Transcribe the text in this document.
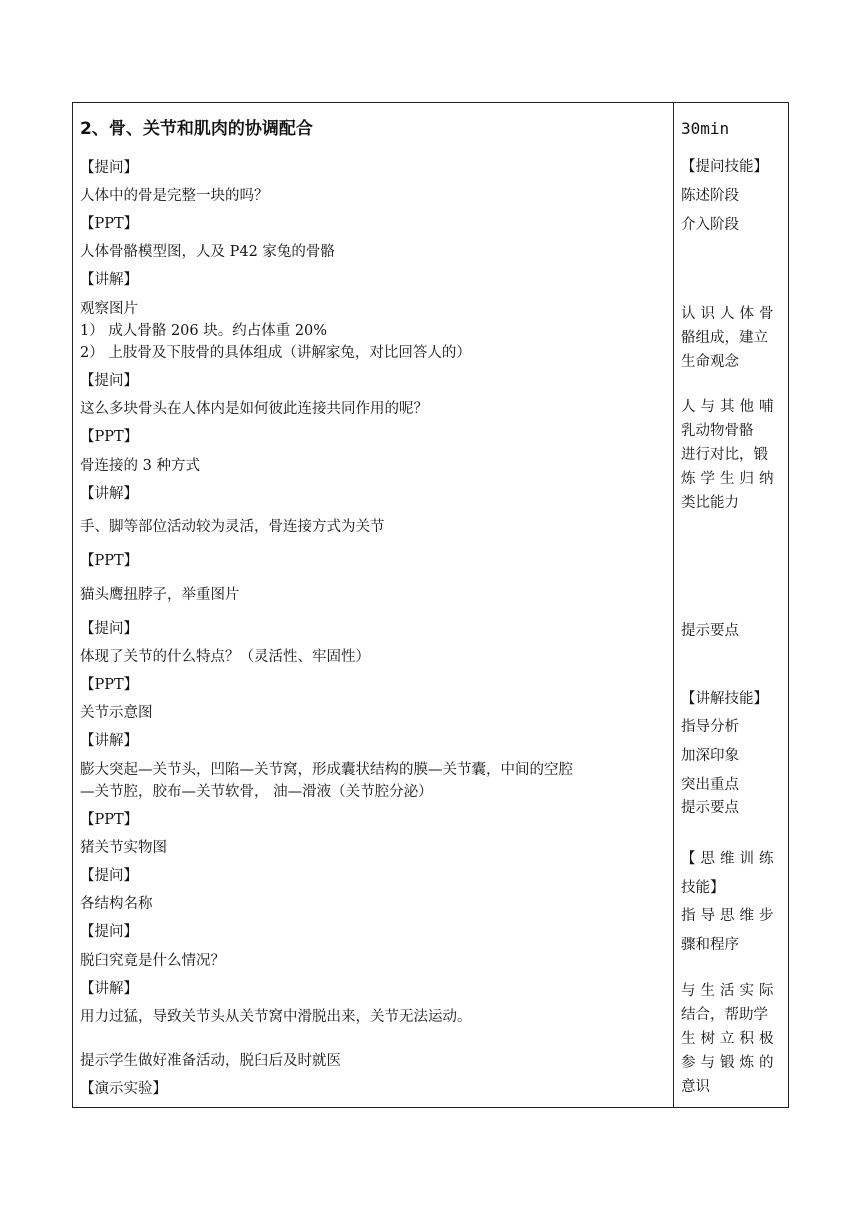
2、骨、关节和肌肉的协调配合	30min
【提问】
人体中的骨是完整一块的吗？
【PPT】
人体骨骼模型图，人及 P42 家兔的骨骼
【讲解】
观察图片
1） 成人骨骼 206 块。约占体重 20%
2） 上肢骨及下肢骨的具体组成（讲解家兔，对比回答人的）
【提问】
这么多块骨头在人体内是如何彼此连接共同作用的呢？
【PPT】
骨连接的 3 种方式
【讲解】
手、脚等部位活动较为灵活，骨连接方式为关节
【PPT】
猫头鹰扭脖子，举重图片
【提问】
体现了关节的什么特点？（灵活性、牢固性）
【PPT】
关节示意图
【讲解】
膨大突起—关节头，凹陷—关节窝，形成囊状结构的膜—关节囊，中间的空腔
—关节腔，胶布—关节软骨， 油—滑液（关节腔分泌）
【PPT】
猪关节实物图
【提问】
各结构名称
【提问】
脱臼究竟是什么情况？
【讲解】
用力过猛，导致关节头从关节窝中滑脱出来，关节无法运动。
提示学生做好准备活动，脱臼后及时就医
【演示实验】
【提问技能】
陈述阶段
介入阶段
认识人体骨
骼组成，建立
生命观念
人与其他哺
乳动物骨骼
进行对比，锻
炼学生归纳
类比能力
提示要点
【讲解技能】
指导分析
加深印象
突出重点
提示要点
【思维训练
技能】
指导思维步
骤和程序
与生活实际
结合，帮助学
生树立积极
参与锻炼的
意识
